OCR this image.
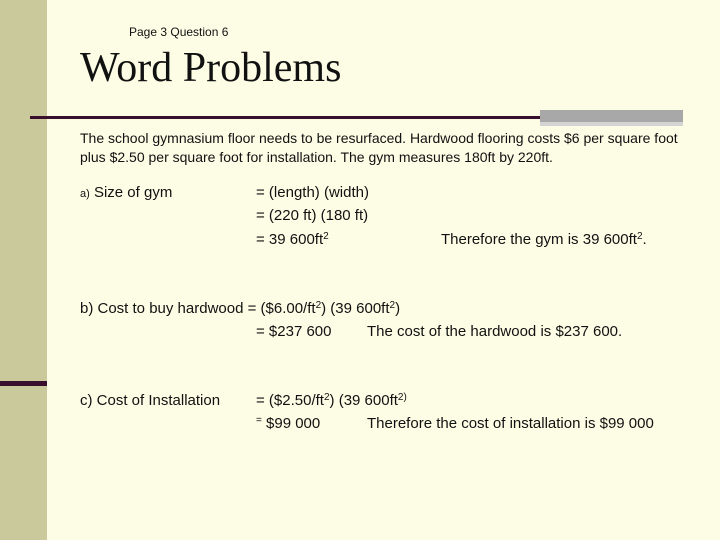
Page 3 Question 6
Word Problems
The school gymnasium floor needs to be resurfaced. Hardwood flooring costs $6 per square foot plus $2.50 per square foot for installation. The gym measures 180ft by 220ft.
a) Size of gym	= (length) (width)
= (220 ft) (180 ft)
= 39 $600ft^2$	Therefore the gym is 39 $600ft^2$.
b) Cost to buy hardwood = $(\$6.00/ft^2)$ (39 $600ft^2$)
= $237 600 The cost of the hardwood is $237 600.
c) Cost of Installation = $(\$2.50/ft^2)$ (39 $600ft^{2)}$
= $99 000	Therefore the cost of installation is $99 000
